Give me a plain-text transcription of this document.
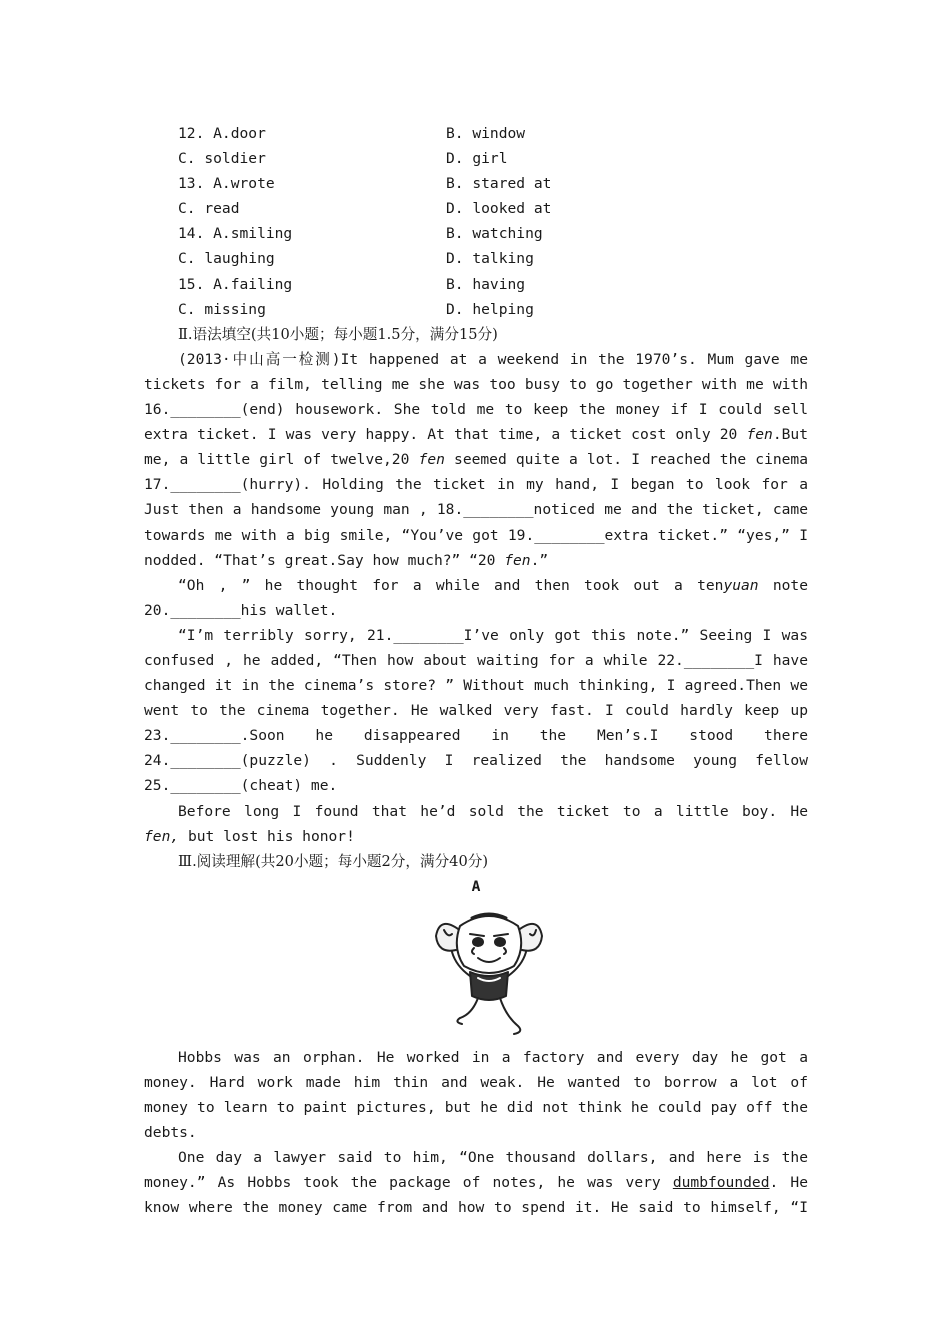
12. A.door	B. window
C. soldier	D. girl
13. A.wrote	B. stared at
C. read	D. looked at
14. A.smiling	B. watching
C. laughing	D. talking
15. A.failing	B. having
C. missing	D. helping
Ⅱ.语法填空(共10小题；每小题1.5分，满分15分)
(2013·中山高一检测)It happened at a weekend in the 1970’s. Mum gave me
tickets for a film, telling me she was too busy to go together with me with
16.________(end) housework. She told me to keep the money if I could sell
extra ticket. I was very happy. At that time, a ticket cost only 20 fen.But
me, a little girl of twelve,20 fen seemed quite a lot. I reached the cinema
17.________(hurry). Holding the ticket in my hand, I began to look for a
Just then a handsome young man , 18.________noticed me and the ticket, came
towards me with a big smile, “You’ve got 19.________extra ticket.” “yes,” I
nodded. “That’s great.Say how much?” “20 fen.”
“Oh , ” he thought for a while and then took out a tenyuan note
20.________his wallet.
“I’m terribly sorry, 21.________I’ve only got this note.” Seeing I was
confused , he added, “Then how about waiting for a while 22.________I have
changed it in the cinema’s store? ” Without much thinking, I agreed.Then we
went to the cinema together. He walked very fast. I could hardly keep up
23.________.Soon he disappeared in the Men’s.I stood there
24.________(puzzle) . Suddenly I realized the handsome young fellow
25.________(cheat) me.
Before long I found that he’d sold the ticket to a little boy. He
fen, but lost his honor!
Ⅲ.阅读理解(共20小题；每小题2分，满分40分)
A
Hobbs was an orphan. He worked in a factory and every day he got a
money. Hard work made him thin and weak. He wanted to borrow a lot of
money to learn to paint pictures, but he did not think he could pay off the
debts.
One day a lawyer said to him, “One thousand dollars, and here is the
money.” As Hobbs took the package of notes, he was very dumbfounded. He
know where the money came from and how to spend it. He said to himself, “I
